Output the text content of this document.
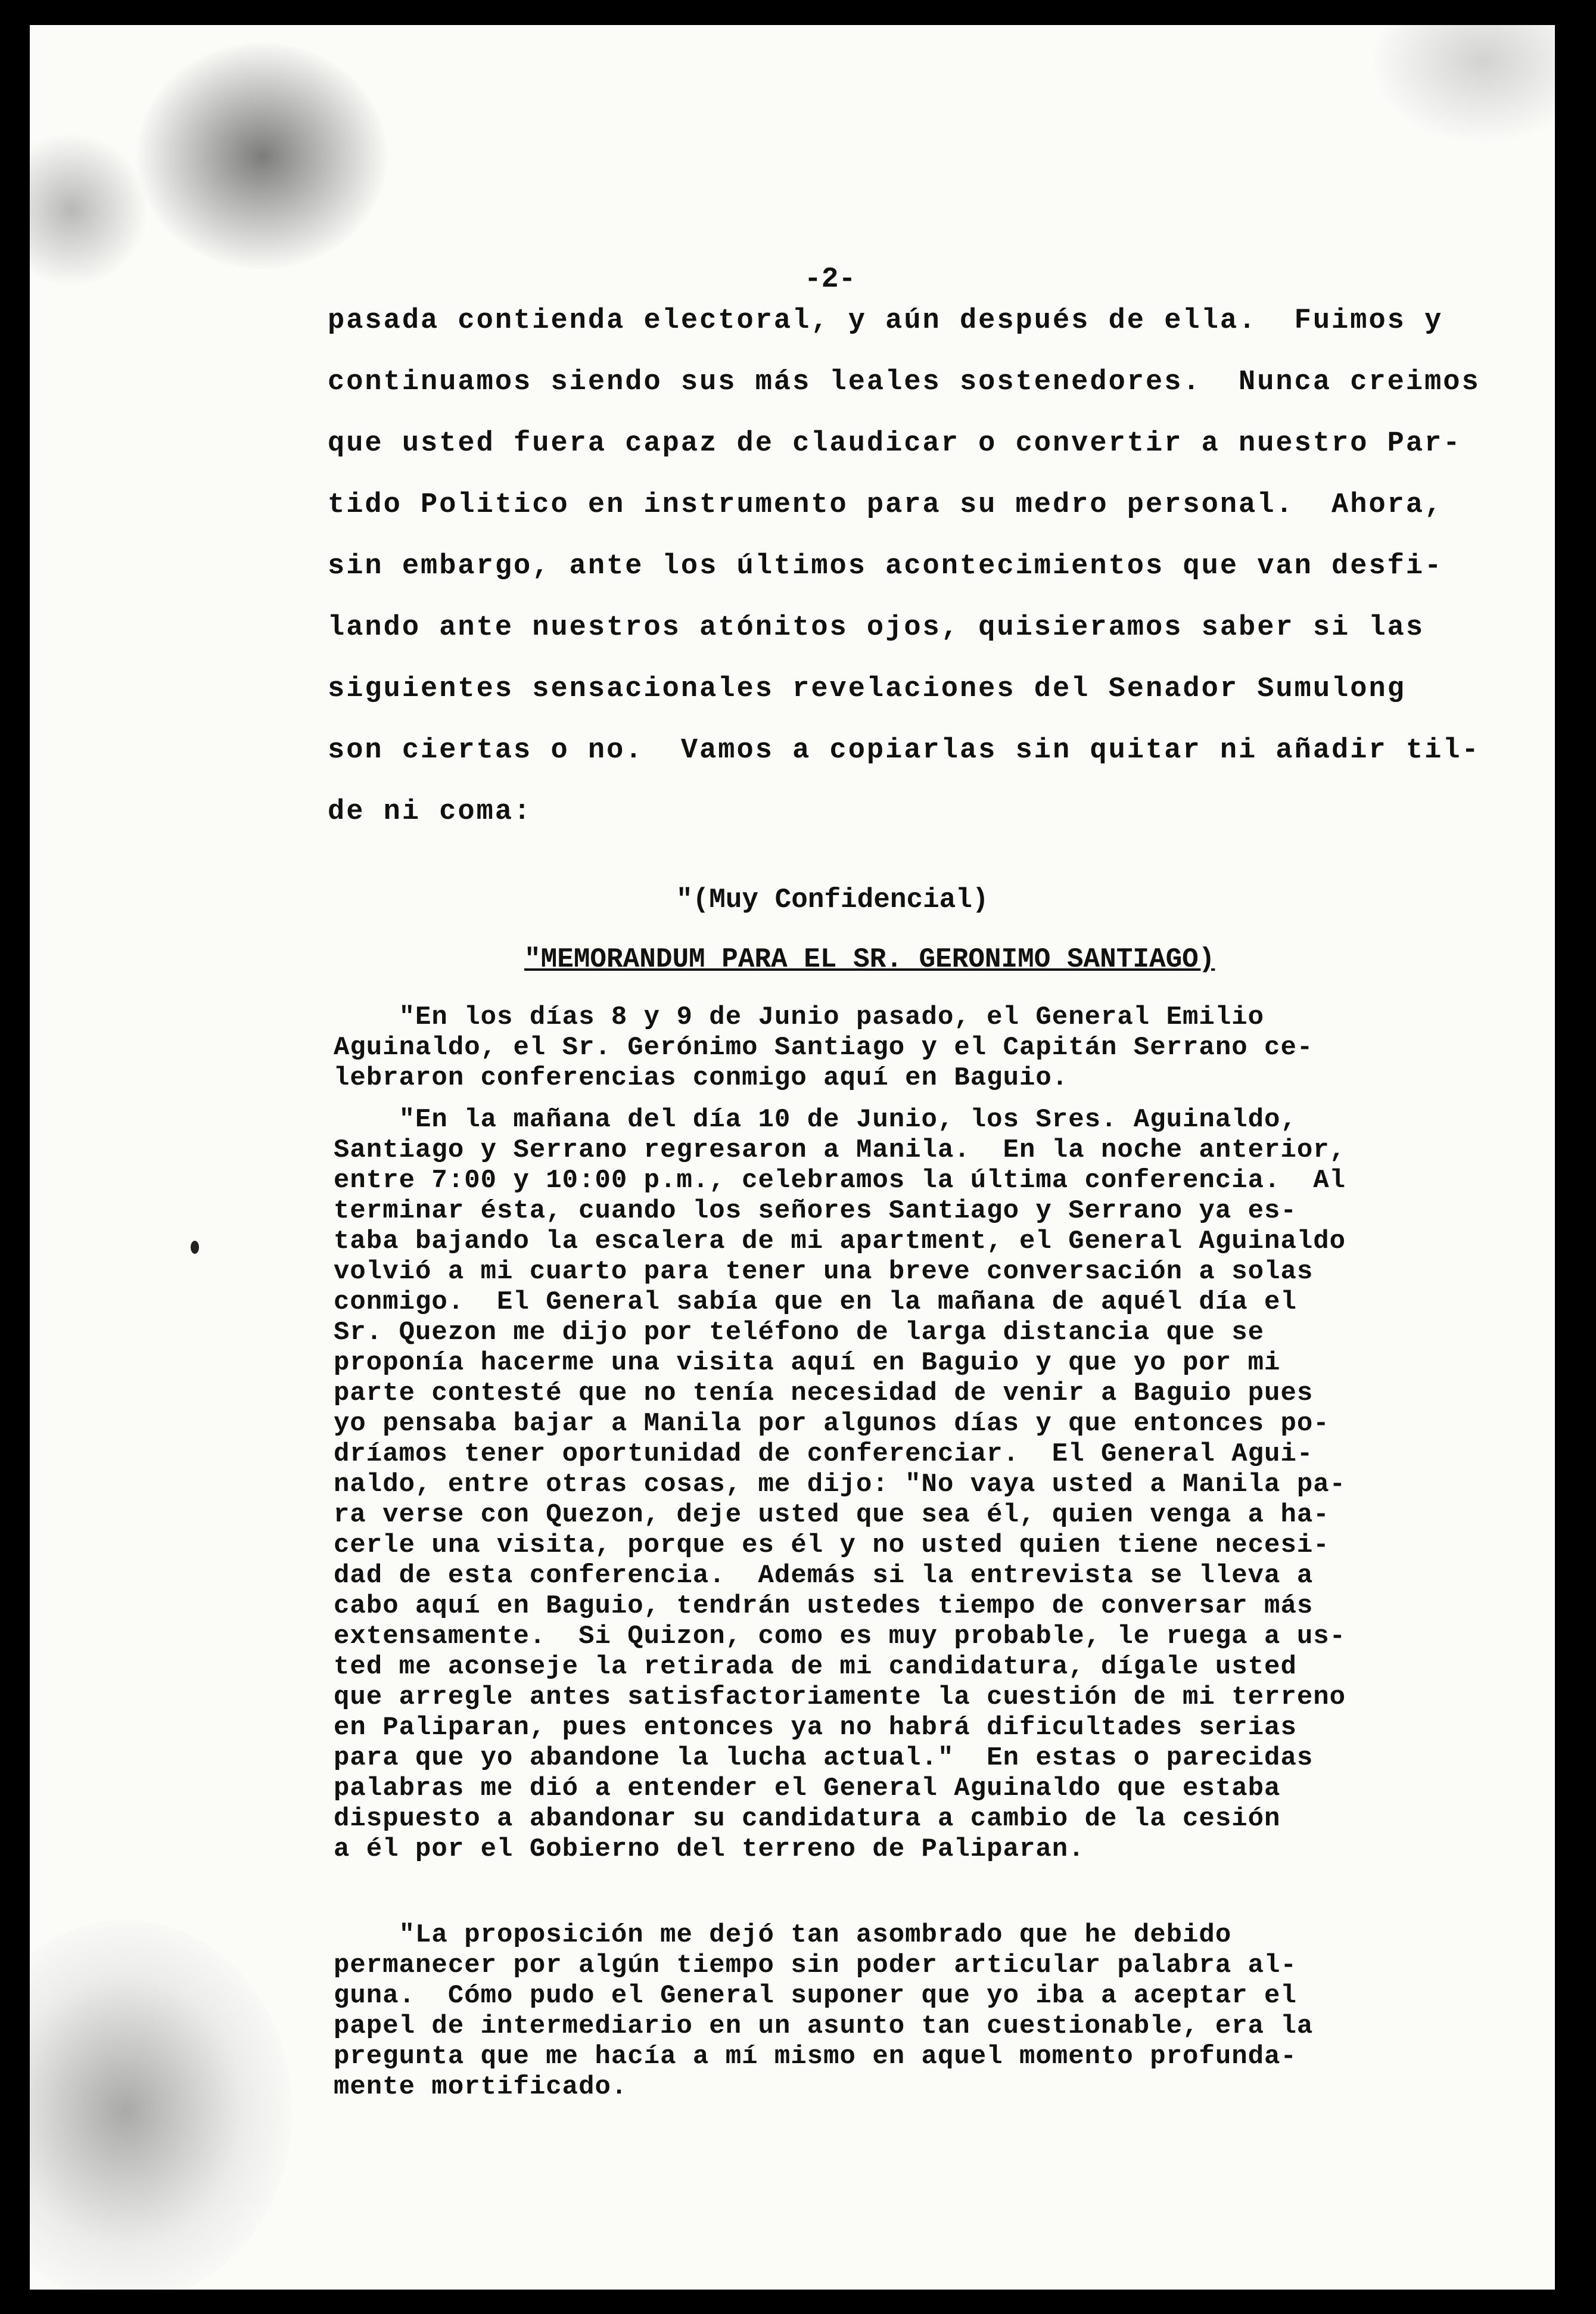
-2-
pasada contienda electoral, y aún después de ella.  Fuimos y
continuamos siendo sus más leales sostenedores.  Nunca creimos
que usted fuera capaz de claudicar o convertir a nuestro Par-
tido Politico en instrumento para su medro personal.  Ahora,
sin embargo, ante los últimos acontecimientos que van desfi-
lando ante nuestros atónitos ojos, quisieramos saber si las
siguientes sensacionales revelaciones del Senador Sumulong
son ciertas o no.  Vamos a copiarlas sin quitar ni añadir til-
de ni coma:
"(Muy Confidencial)
"MEMORANDUM PARA EL SR. GERONIMO SANTIAGO)
"En los días 8 y 9 de Junio pasado, el General Emilio
Aguinaldo, el Sr. Gerónimo Santiago y el Capitán Serrano ce-
lebraron conferencias conmigo aquí en Baguio.
"En la mañana del día 10 de Junio, los Sres. Aguinaldo,
Santiago y Serrano regresaron a Manila.  En la noche anterior,
entre 7:00 y 10:00 p.m., celebramos la última conferencia.  Al
terminar ésta, cuando los señores Santiago y Serrano ya es-
taba bajando la escalera de mi apartment, el General Aguinaldo
volvió a mi cuarto para tener una breve conversación a solas
conmigo.  El General sabía que en la mañana de aquél día el
Sr. Quezon me dijo por teléfono de larga distancia que se
proponía hacerme una visita aquí en Baguio y que yo por mi
parte contesté que no tenía necesidad de venir a Baguio pues
yo pensaba bajar a Manila por algunos días y que entonces po-
dríamos tener oportunidad de conferenciar.  El General Agui-
naldo, entre otras cosas, me dijo: "No vaya usted a Manila pa-
ra verse con Quezon, deje usted que sea él, quien venga a ha-
cerle una visita, porque es él y no usted quien tiene necesi-
dad de esta conferencia.  Además si la entrevista se lleva a
cabo aquí en Baguio, tendrán ustedes tiempo de conversar más
extensamente.  Si Quizon, como es muy probable, le ruega a us-
ted me aconseje la retirada de mi candidatura, dígale usted
que arregle antes satisfactoriamente la cuestión de mi terreno
en Paliparan, pues entonces ya no habrá dificultades serias
para que yo abandone la lucha actual."  En estas o parecidas
palabras me dió a entender el General Aguinaldo que estaba
dispuesto a abandonar su candidatura a cambio de la cesión
a él por el Gobierno del terreno de Paliparan.
"La proposición me dejó tan asombrado que he debido
permanecer por algún tiempo sin poder articular palabra al-
guna.  Cómo pudo el General suponer que yo iba a aceptar el
papel de intermediario en un asunto tan cuestionable, era la
pregunta que me hacía a mí mismo en aquel momento profunda-
mente mortificado.
